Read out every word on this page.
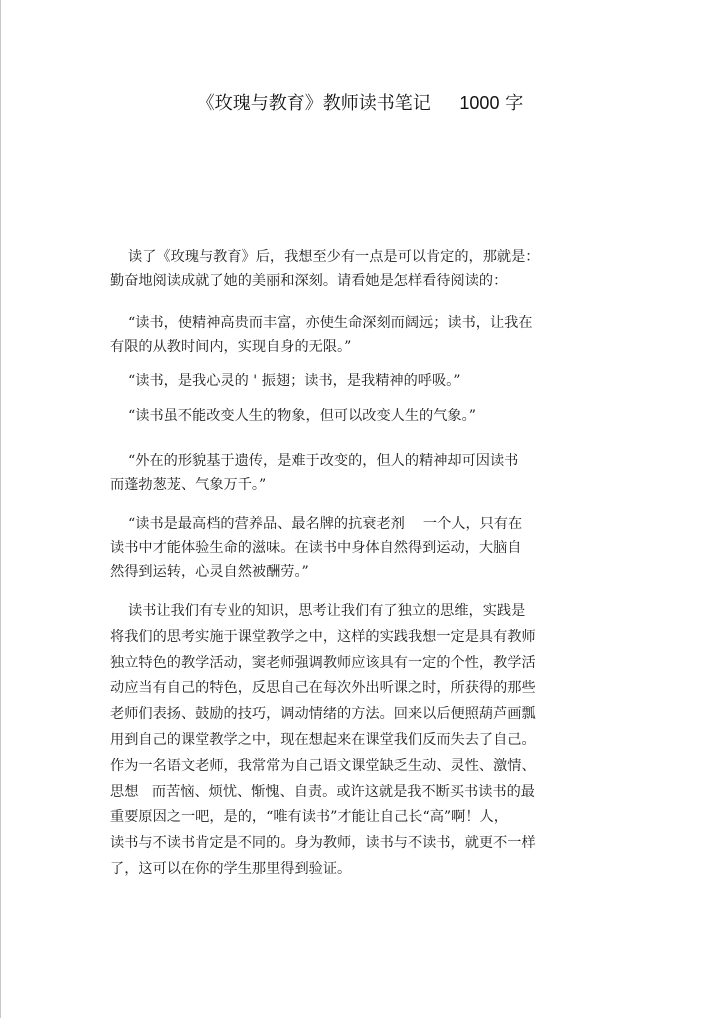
《玫瑰与教育》教师读书笔记 1000 字
读了《玫瑰与教育》后，我想至少有一点是可以肯定的，那就是：
勤奋地阅读成就了她的美丽和深刻。请看她是怎样看待阅读的：
“读书，使精神高贵而丰富，亦使生命深刻而阔远；读书，让我在
有限的从教时间内，实现自身的无限。”
“读书，是我心灵的 ' 振翅；读书，是我精神的呼吸。”
“读书虽不能改变人生的物象，但可以改变人生的气象。”
“外在的形貌基于遗传，是难于改变的，但人的精神却可因读书
而蓬勃葱茏、气象万千。”
“读书是最高档的营养品、最名牌的抗衰老剂    一个人，只有在
读书中才能体验生命的滋味。在读书中身体自然得到运动，大脑自
然得到运转，心灵自然被酬劳。”
读书让我们有专业的知识，思考让我们有了独立的思维，实践是
将我们的思考实施于课堂教学之中，这样的实践我想一定是具有教师
独立特色的教学活动，窦老师强调教师应该具有一定的个性，教学活
动应当有自己的特色，反思自己在每次外出听课之时，所获得的那些
老师们表扬、鼓励的技巧，调动情绪的方法。回来以后便照葫芦画瓢
用到自己的课堂教学之中，现在想起来在课堂我们反而失去了自己。
作为一名语文老师，我常常为自己语文课堂缺乏生动、灵性、激情、
思想   而苦恼、烦忧、惭愧、自责。或许这就是我不断买书读书的最
重要原因之一吧，是的，“唯有读书”才能让自己长“高”啊！人，
读书与不读书肯定是不同的。身为教师，读书与不读书，就更不一样
了，这可以在你的学生那里得到验证。
